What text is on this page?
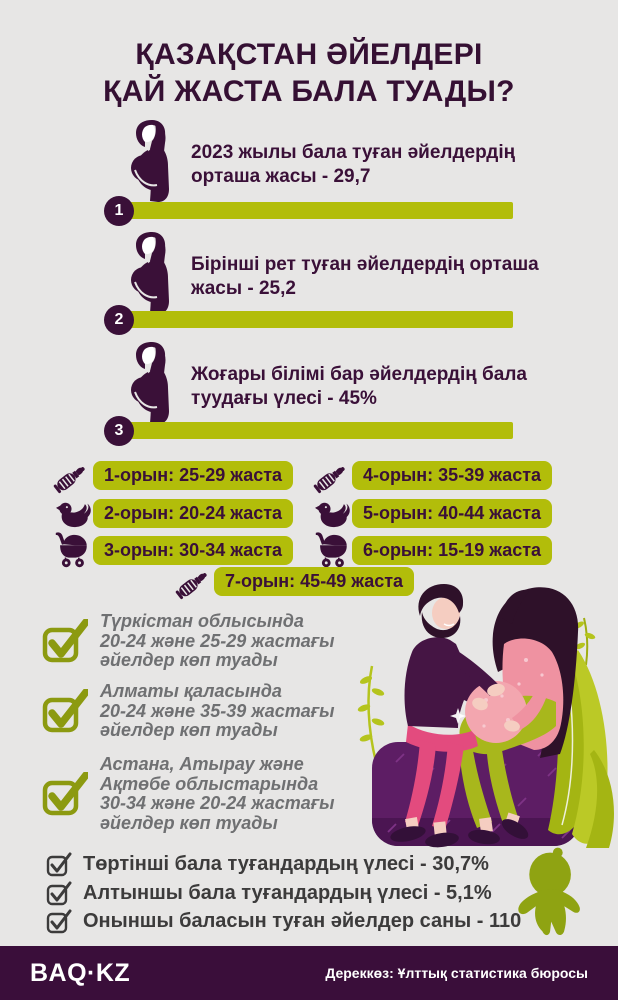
ҚАЗАҚСТАН ӘЙЕЛДЕРІ
ҚАЙ ЖАСТА БАЛА ТУАДЫ?
2023 жылы бала туған әйелдердің
орташа жасы - 29,7
1
Бірінші рет туған әйелдердің орташа
жасы - 25,2
2
Жоғары білімі бар әйелдердің бала
туудағы үлесі - 45%
3
1-орын: 25-29 жаста
2-орын: 20-24 жаста
3-орын: 30-34 жаста
4-орын: 35-39 жаста
5-орын: 40-44 жаста
6-орын: 15-19 жаста
7-орын: 45-49 жаста
Түркістан облысында
20-24 және 25-29 жастағы
әйелдер көп туады
Алматы қаласында
20-24 және 35-39 жастағы
әйелдер көп туады
Астана, Атырау және
Ақтөбе облыстарында
30-34 және 20-24 жастағы
әйелдер көп туады
Төртінші бала туғандардың үлесі - 30,7%
Алтыншы бала туғандардың үлесі - 5,1%
Оныншы баласын туған әйелдер саны - 110
BAQ·KZ	Дереккөз: Ұлттық статистика бюросы
